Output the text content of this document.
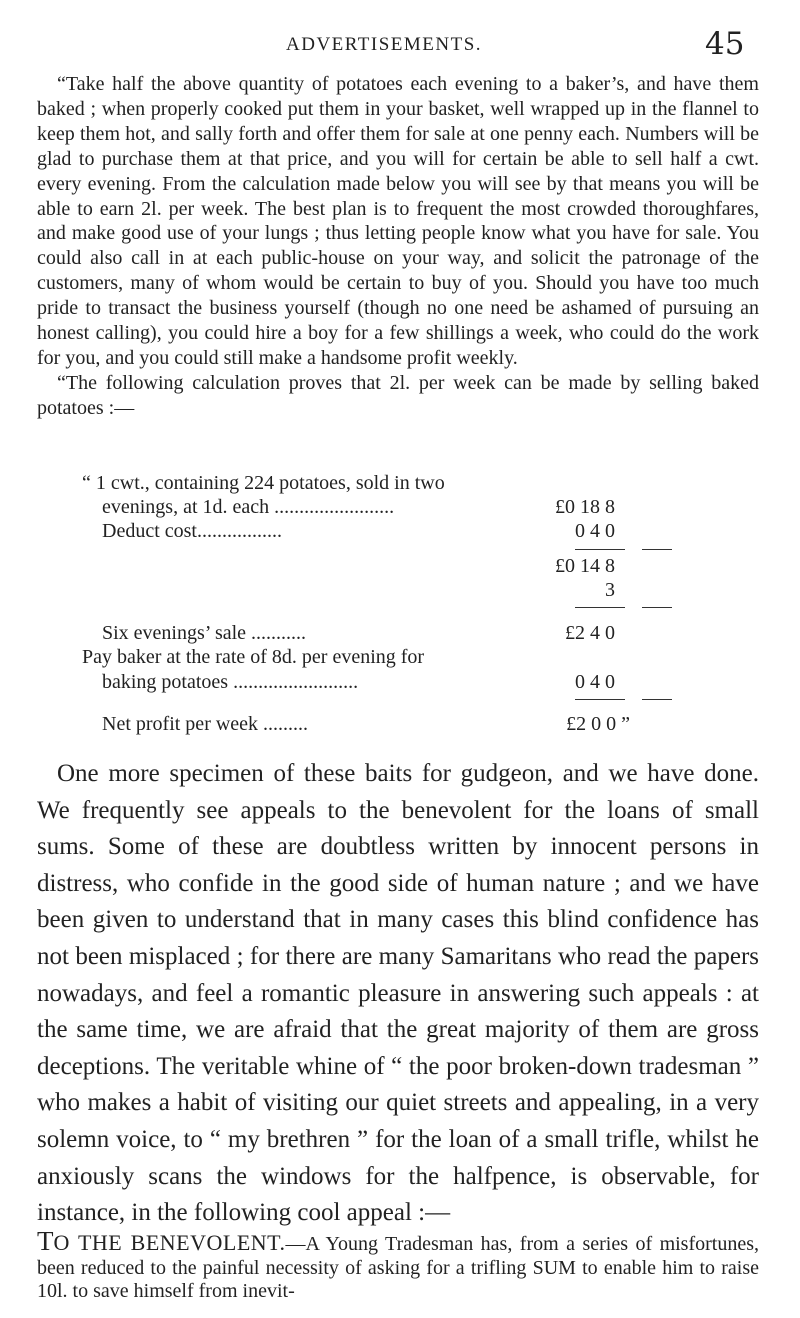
ADVERTISEMENTS.	45

“Take half the above quantity of potatoes each evening to a baker’s, and have them baked ; when properly cooked put them in your basket, well wrapped up in the flannel to keep them hot, and sally forth and offer them for sale at one penny each. Numbers will be glad to purchase them at that price, and you will for certain be able to sell half a cwt. every evening. From the calculation made below you will see by that means you will be able to earn 2l. per week. The best plan is to frequent the most crowded thoroughfares, and make good use of your lungs ; thus letting people know what you have for sale. You could also call in at each public-house on your way, and solicit the patronage of the customers, many of whom would be certain to buy of you. Should you have too much pride to transact the business yourself (though no one need be ashamed of pursuing an honest calling), you could hire a boy for a few shillings a week, who could do the work for you, and you could still make a handsome profit weekly.

“The following calculation proves that 2l. per week can be made by selling baked potatoes :—

“ 1 cwt., containing 224 potatoes, sold in two
evenings, at 1d. each ........................	£0 18 8
Deduct cost.................	0 4 0
£0 14 8
3
Six evenings’ sale ...........	£2 4 0
Pay baker at the rate of 8d. per evening for
baking potatoes .........................	0 4 0
Net profit per week .........	£2 0 0 ”

One more specimen of these baits for gudgeon, and we have done. We frequently see appeals to the benevolent for the loans of small sums. Some of these are doubtless written by innocent persons in distress, who confide in the good side of human nature ; and we have been given to understand that in many cases this blind confidence has not been misplaced ; for there are many Samaritans who read the papers nowadays, and feel a romantic pleasure in answering such appeals : at the same time, we are afraid that the great majority of them are gross deceptions. The veritable whine of “ the poor broken-down tradesman ” who makes a habit of visiting our quiet streets and appealing, in a very solemn voice, to “ my brethren ” for the loan of a small trifle, whilst he anxiously scans the windows for the halfpence, is observable, for instance, in the following cool appeal :—

TO THE BENEVOLENT.—A Young Tradesman has, from a series of misfortunes, been reduced to the painful necessity of asking for a trifling SUM to enable him to raise 10l. to save himself from inevit-
